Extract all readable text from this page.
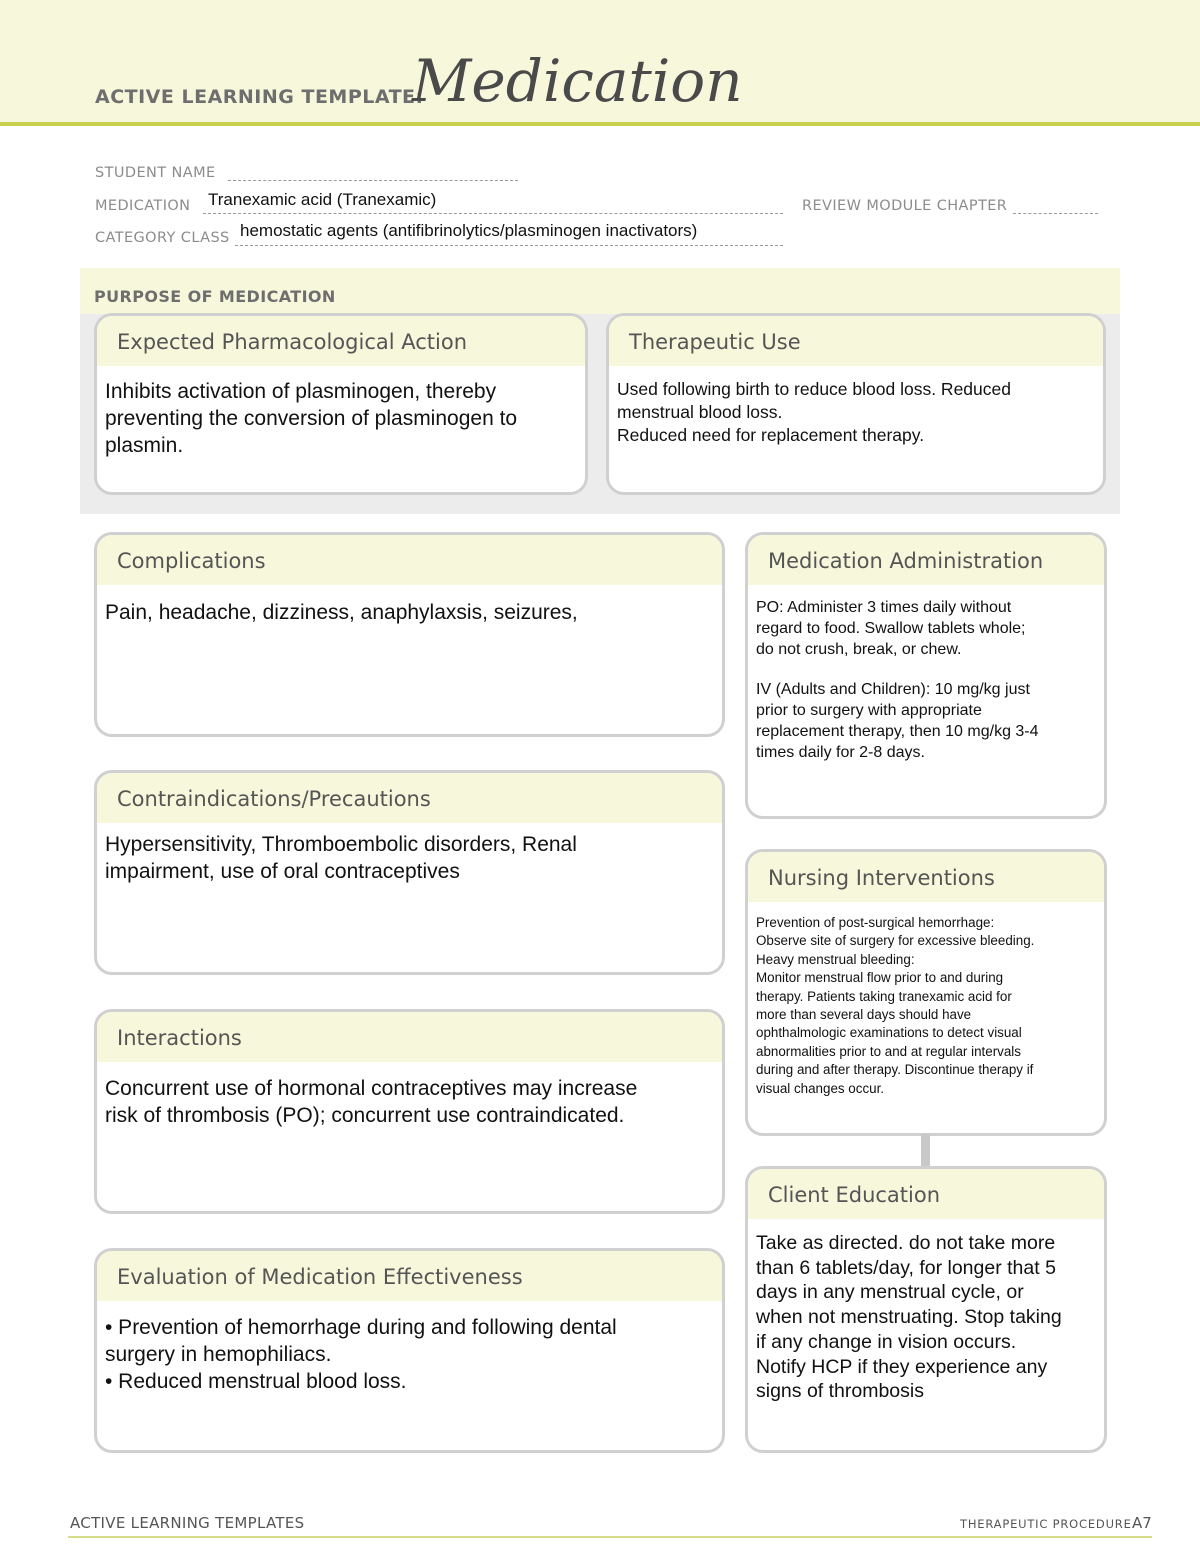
ACTIVE LEARNING TEMPLATE:
Medication
STUDENT NAME
MEDICATION Tranexamic acid (Tranexamic)	REVIEW MODULE CHAPTER
CATEGORY CLASS hemostatic agents (antifibrinolytics/plasminogen inactivators)
PURPOSE OF MEDICATION
Expected Pharmacological Action

Inhibits activation of plasminogen, thereby
preventing the conversion of plasminogen to
plasmin.

Therapeutic Use

Used following birth to reduce blood loss. Reduced
menstrual blood loss.
Reduced need for replacement therapy.

Complications

Pain, headache, dizziness, anaphylaxsis, seizures,

Contraindications/Precautions

Hypersensitivity, Thromboembolic disorders, Renal
impairment, use of oral contraceptives

Interactions

Concurrent use of hormonal contraceptives may increase
risk of thrombosis (PO); concurrent use contraindicated.

Evaluation of Medication Effectiveness

• Prevention of hemorrhage during and following dental
surgery in hemophiliacs.
• Reduced menstrual blood loss.

Medication Administration

PO: Administer 3 times daily without
regard to food. Swallow tablets whole;
do not crush, break, or chew.

IV (Adults and Children): 10 mg/kg just
prior to surgery with appropriate
replacement therapy, then 10 mg/kg 3-4
times daily for 2-8 days.

Nursing Interventions

Prevention of post-surgical hemorrhage:
Observe site of surgery for excessive bleeding.
Heavy menstrual bleeding:
Monitor menstrual flow prior to and during
therapy. Patients taking tranexamic acid for
more than several days should have
ophthalmologic examinations to detect visual
abnormalities prior to and at regular intervals
during and after therapy. Discontinue therapy if
visual changes occur.

Client Education

Take as directed. do not take more
than 6 tablets/day, for longer that 5
days in any menstrual cycle, or
when not menstruating. Stop taking
if any change in vision occurs.
Notify HCP if they experience any
signs of thrombosis

ACTIVE LEARNING TEMPLATES	THERAPEUTIC PROCEDURE A7
